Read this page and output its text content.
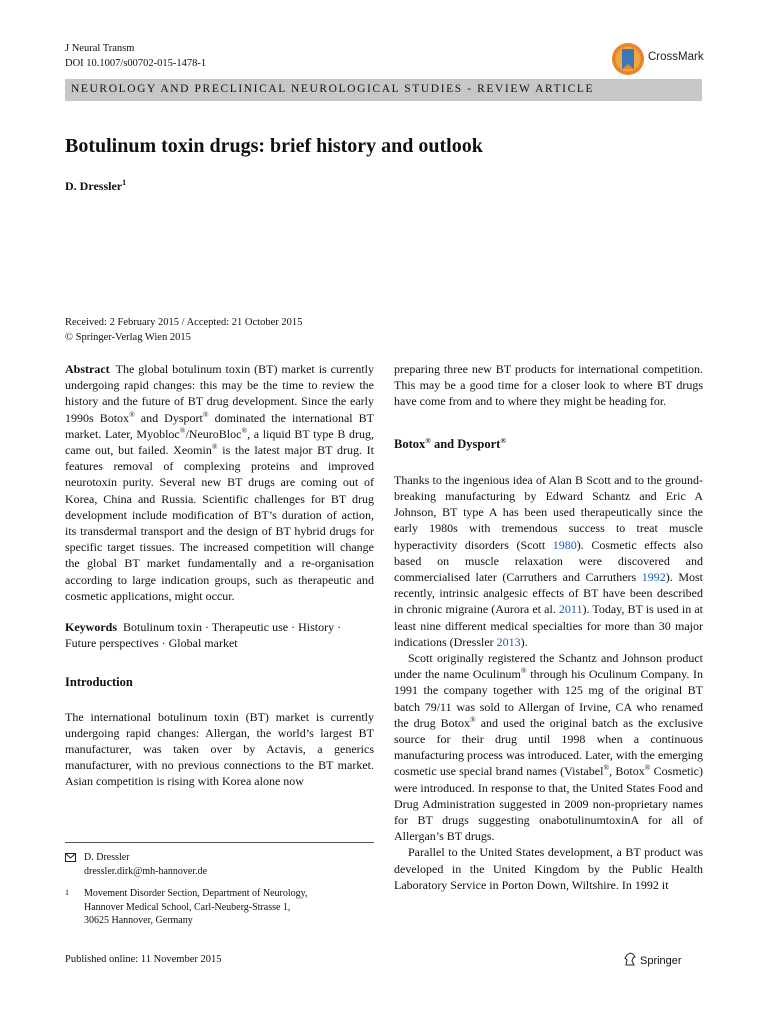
J Neural Transm
DOI 10.1007/s00702-015-1478-1
CrossMark
NEUROLOGY AND PRECLINICAL NEUROLOGICAL STUDIES - REVIEW ARTICLE
Botulinum toxin drugs: brief history and outlook
D. Dressler$^1$
Received: 2 February 2015 / Accepted: 21 October 2015
© Springer-Verlag Wien 2015

Abstract The global botulinum toxin (BT) market is currently undergoing rapid changes: this may be the time to review the history and the future of BT drug development. Since the early 1990s Botox® and Dysport® dominated the international BT market. Later, Myobloc®/NeuroBloc®, a liquid BT type B drug, came out, but failed. Xeomin® is the latest major BT drug. It features removal of complexing proteins and improved neurotoxin purity. Several new BT drugs are coming out of Korea, China and Russia. Scientific challenges for BT drug development include modification of BT’s duration of action, its transdermal transport and the design of BT hybrid drugs for specific target tissues. The increased competition will change the global BT market fundamentally and a re-organisation according to large indication groups, such as therapeutic and cosmetic applications, might occur.

Keywords Botulinum toxin · Therapeutic use · History · Future perspectives · Global market

Introduction

The international botulinum toxin (BT) market is currently undergoing rapid changes: Allergan, the world’s largest BT manufacturer, was taken over by Actavis, a generics manufacturer, with no previous connections to the BT market. Asian competition is rising with Korea alone now

preparing three new BT products for international competition. This may be a good time for a closer look to where BT drugs have come from and to where they might be heading for.

Botox® and Dysport®

Thanks to the ingenious idea of Alan B Scott and to the ground-breaking manufacturing by Edward Schantz and Eric A Johnson, BT type A has been used therapeutically since the early 1980s with tremendous success to treat muscle hyperactivity disorders (Scott 1980). Cosmetic effects also based on muscle relaxation were discovered and commercialised later (Carruthers and Carruthers 1992). Most recently, intrinsic analgesic effects of BT have been described in chronic migraine (Aurora et al. 2011). Today, BT is used in at least nine different medical specialties for more than 30 major indications (Dressler 2013).

Scott originally registered the Schantz and Johnson product under the name Oculinum® through his Oculinum Company. In 1991 the company together with 125 mg of the original BT batch 79/11 was sold to Allergan of Irvine, CA who renamed the drug Botox® and used the original batch as the exclusive source for their drug until 1998 when a continuous manufacturing process was introduced. Later, with the emerging cosmetic use special brand names (Vistabel®, Botox® Cosmetic) were introduced. In response to that, the United States Food and Drug Administration suggested in 2009 non-proprietary names for BT drugs suggesting onabotulinumtoxinA for all of Allergan’s BT drugs.

Parallel to the United States development, a BT product was developed in the United Kingdom by the Public Health Laboratory Service in Porton Down, Wiltshire. In 1992 it

D. Dressler
dressler.dirk@mh-hannover.de
1 Movement Disorder Section, Department of Neurology,
Hannover Medical School, Carl-Neuberg-Strasse 1,
30625 Hannover, Germany
Published online: 11 November 2015	Springer
